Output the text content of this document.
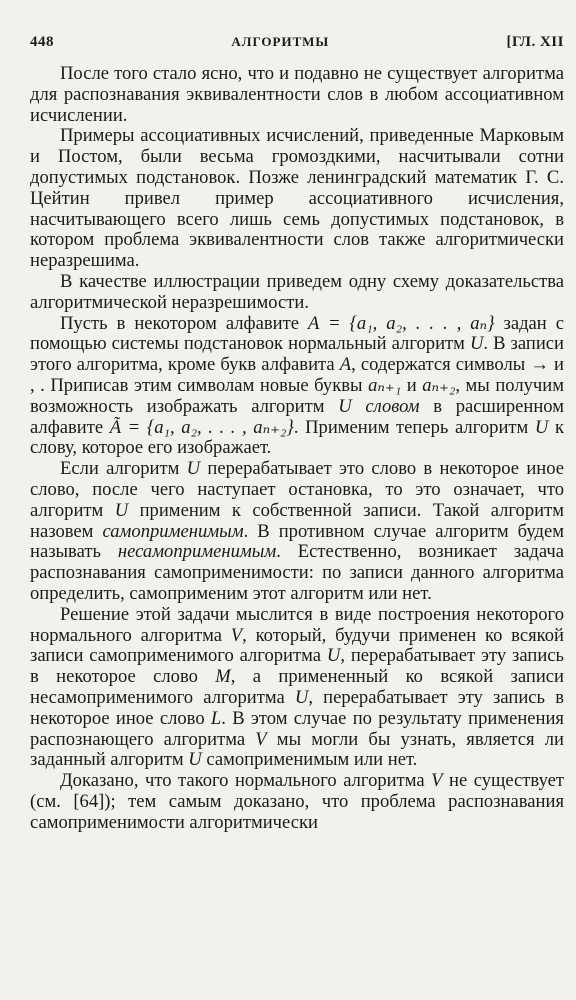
448	АЛГОРИТМЫ	[ГЛ. XII

После того стало ясно, что и подавно не существует алгоритма для распознавания эквивалентности слов в любом ассоциативном исчислении.

Примеры ассоциативных исчислений, приведенные Марковым и Постом, были весьма громоздкими, насчитывали сотни допустимых подстановок. Позже ленинградский математик Г. С. Цейтин привел пример ассоциативного исчисления, насчитывающего всего лишь семь допустимых подстановок, в котором проблема эквивалентности слов также алгоритмически неразрешима.

В качестве иллюстрации приведем одну схему доказательства алгоритмической неразрешимости.

Пусть в некотором алфавите A = {a₁, a₂, . . . , aₙ} задан с помощью системы подстановок нормальный алгоритм U. В записи этого алгоритма, кроме букв алфавита A, содержатся символы → и , . Приписав этим символам новые буквы aₙ₊₁ и aₙ₊₂, мы получим возможность изображать алгоритм U словом в расширенном алфавите Ã = {a₁, a₂, . . . , aₙ₊₂}. Применим теперь алгоритм U к слову, которое его изображает.

Если алгоритм U перерабатывает это слово в некоторое иное слово, после чего наступает остановка, то это означает, что алгоритм U применим к собственной записи. Такой алгоритм назовем самоприменимым. В противном случае алгоритм будем называть несамоприменимым. Естественно, возникает задача распознавания самоприменимости: по записи данного алгоритма определить, самоприменим этот алгоритм или нет.

Решение этой задачи мыслится в виде построения некоторого нормального алгоритма V, который, будучи применен ко всякой записи самоприменимого алгоритма U, перерабатывает эту запись в некоторое слово M, а примененный ко всякой записи несамоприменимого алгоритма U, перерабатывает эту запись в некоторое иное слово L. В этом случае по результату применения распознающего алгоритма V мы могли бы узнать, является ли заданный алгоритм U самоприменимым или нет.

Доказано, что такого нормального алгоритма V не существует (см. [64]); тем самым доказано, что проблема распознавания самоприменимости алгоритмически
